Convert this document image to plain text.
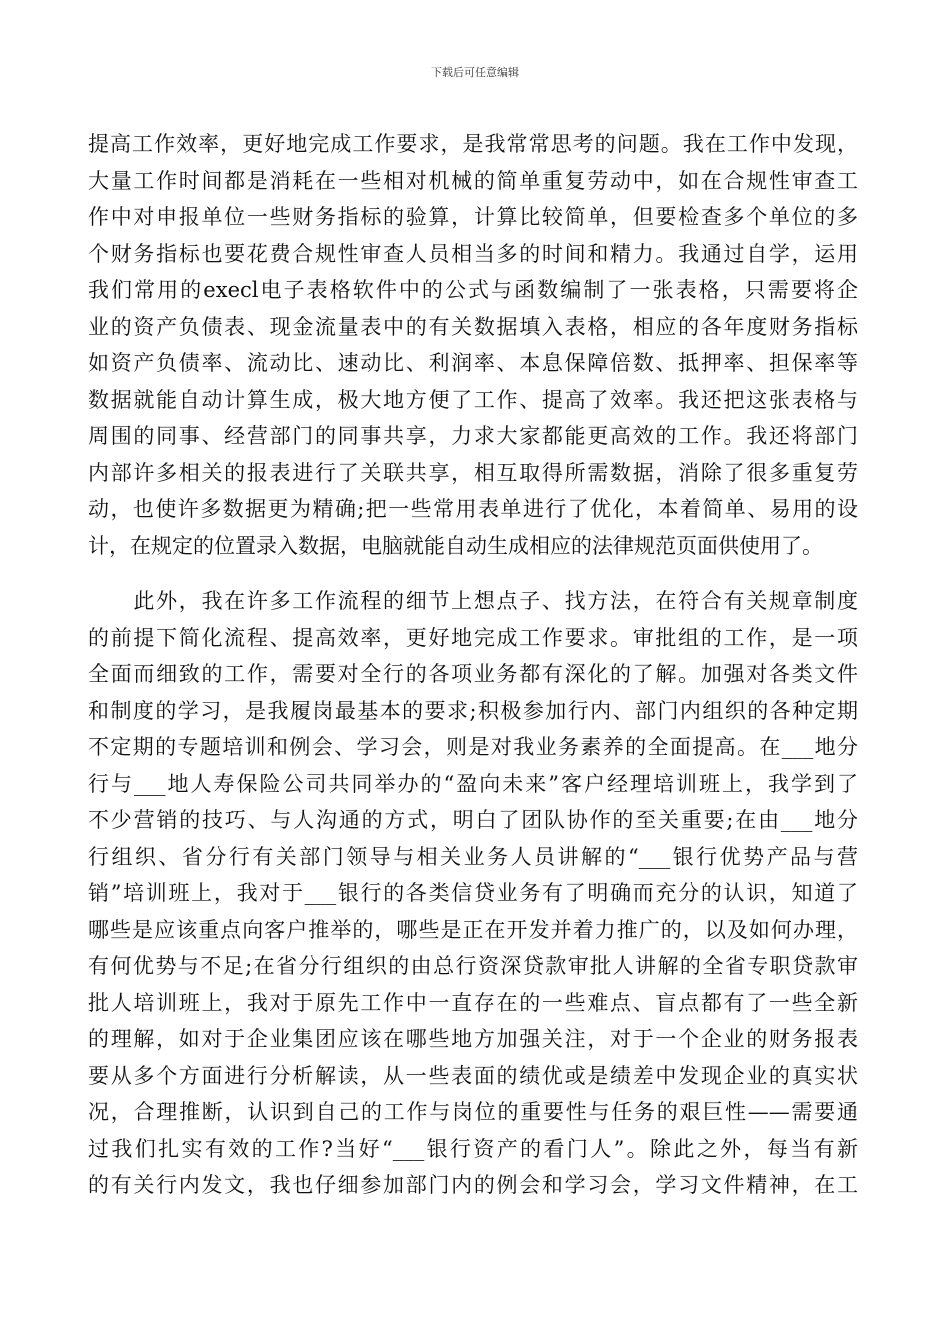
下载后可任意编辑
提高工作效率，更好地完成工作要求，是我常常思考的问题。我在工作中发现，
大量工作时间都是消耗在一些相对机械的简单重复劳动中，如在合规性审查工
作中对申报单位一些财务指标的验算，计算比较简单，但要检查多个单位的多
个财务指标也要花费合规性审查人员相当多的时间和精力。我通过自学，运用
我们常用的execl电子表格软件中的公式与函数编制了一张表格，只需要将企
业的资产负债表、现金流量表中的有关数据填入表格，相应的各年度财务指标
如资产负债率、流动比、速动比、利润率、本息保障倍数、抵押率、担保率等
数据就能自动计算生成，极大地方便了工作、提高了效率。我还把这张表格与
周围的同事、经营部门的同事共享，力求大家都能更高效的工作。我还将部门
内部许多相关的报表进行了关联共享，相互取得所需数据，消除了很多重复劳
动，也使许多数据更为精确;把一些常用表单进行了优化，本着简单、易用的设
计，在规定的位置录入数据，电脑就能自动生成相应的法律规范页面供使用了。
　　此外，我在许多工作流程的细节上想点子、找方法，在符合有关规章制度
的前提下简化流程、提高效率，更好地完成工作要求。审批组的工作，是一项
全面而细致的工作，需要对全行的各项业务都有深化的了解。加强对各类文件
和制度的学习，是我履岗最基本的要求;积极参加行内、部门内组织的各种定期
不定期的专题培训和例会、学习会，则是对我业务素养的全面提高。在___地分
行与___地人寿保险公司共同举办的“盈向未来”客户经理培训班上，我学到了
不少营销的技巧、与人沟通的方式，明白了团队协作的至关重要;在由___地分
行组织、省分行有关部门领导与相关业务人员讲解的“___银行优势产品与营
销”培训班上，我对于___银行的各类信贷业务有了明确而充分的认识，知道了
哪些是应该重点向客户推举的，哪些是正在开发并着力推广的，以及如何办理，
有何优势与不足;在省分行组织的由总行资深贷款审批人讲解的全省专职贷款审
批人培训班上，我对于原先工作中一直存在的一些难点、盲点都有了一些全新
的理解，如对于企业集团应该在哪些地方加强关注，对于一个企业的财务报表
要从多个方面进行分析解读，从一些表面的绩优或是绩差中发现企业的真实状
况，合理推断，认识到自己的工作与岗位的重要性与任务的艰巨性——需要通
过我们扎实有效的工作?当好“___银行资产的看门人”。除此之外，每当有新
的有关行内发文，我也仔细参加部门内的例会和学习会，学习文件精神，在工
